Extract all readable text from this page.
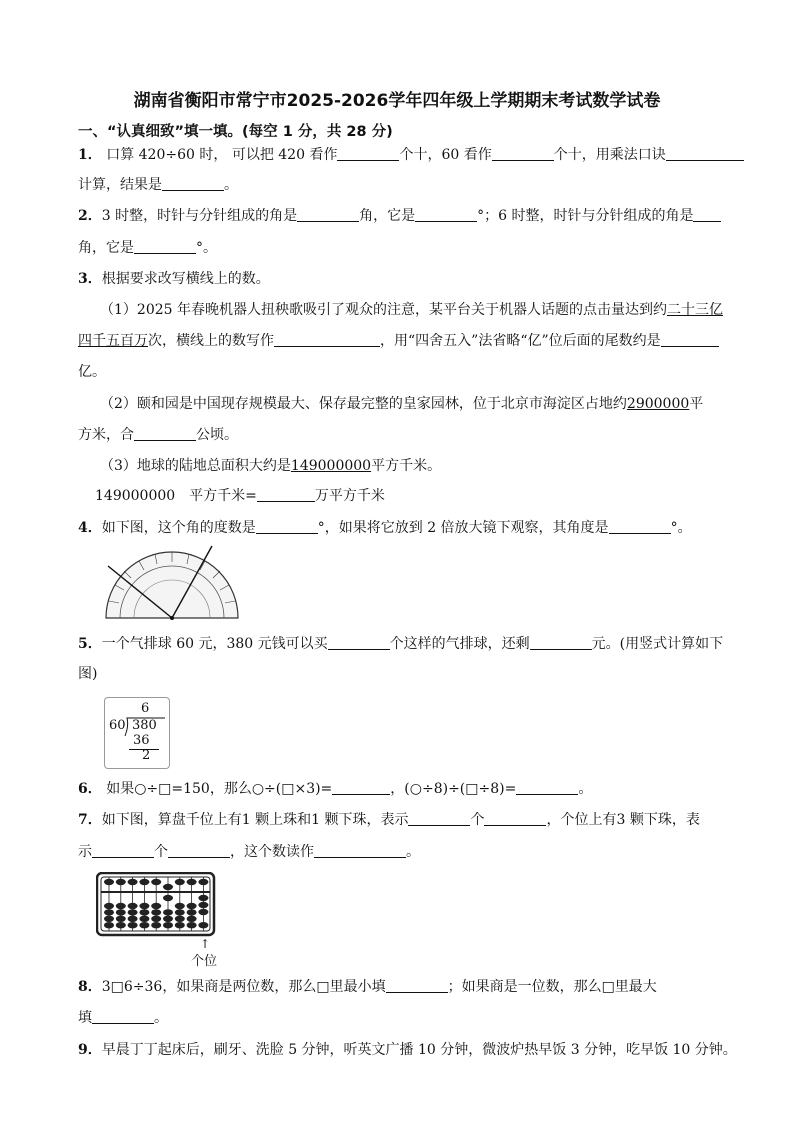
湖南省衡阳市常宁市2025-2026学年四年级上学期期末考试数学试卷
一、“认真细致”填一填。(每空 1 分，共 28 分)
1． 口算 420÷60 时， 可以把 420 看作	个十，60 看作	个十，用乘法口诀
计算，结果是	。
2．3 时整，时针与分针组成的角是	角，它是	°；6 时整，时针与分针组成的角是
角，它是	°。
3．根据要求改写横线上的数。
（1）2025 年春晚机器人扭秧歌吸引了观众的注意，某平台关于机器人话题的点击量达到约二十三亿
四千五百万次，横线上的数写作	，用“四舍五入”法省略“亿”位后面的尾数约是
亿。
（2）颐和园是中国现存规模最大、保存最完整的皇家园林，位于北京市海淀区占地约2900000平
方米，合	公顷。
（3）地球的陆地总面积大约是149000000平方千米。
149000000　平方千米=	万平方千米
4．如下图，这个角的度数是	°，如果将它放到 2 倍放大镜下观察，其角度是	°。
5．一个气排球 60 元，380 元钱可以买	个这样的气排球，还剩	元。(用竖式计算如下
图)
6
60 380
36
2
6． 如果○÷□=150，那么○÷(□×3)=	，(○÷8)÷(□÷8)=	。
7．如下图，算盘千位上有1 颗上珠和1 颗下珠，表示	个	，个位上有3 颗下珠，表
示	个	，这个数读作	。
↑
个位
8．3□6÷36，如果商是两位数，那么□里最小填	；如果商是一位数，那么□里最大
填	。
9．早晨丁丁起床后，刷牙、洗脸 5 分钟，听英文广播 10 分钟，微波炉热早饭 3 分钟，吃早饭 10 分钟。
